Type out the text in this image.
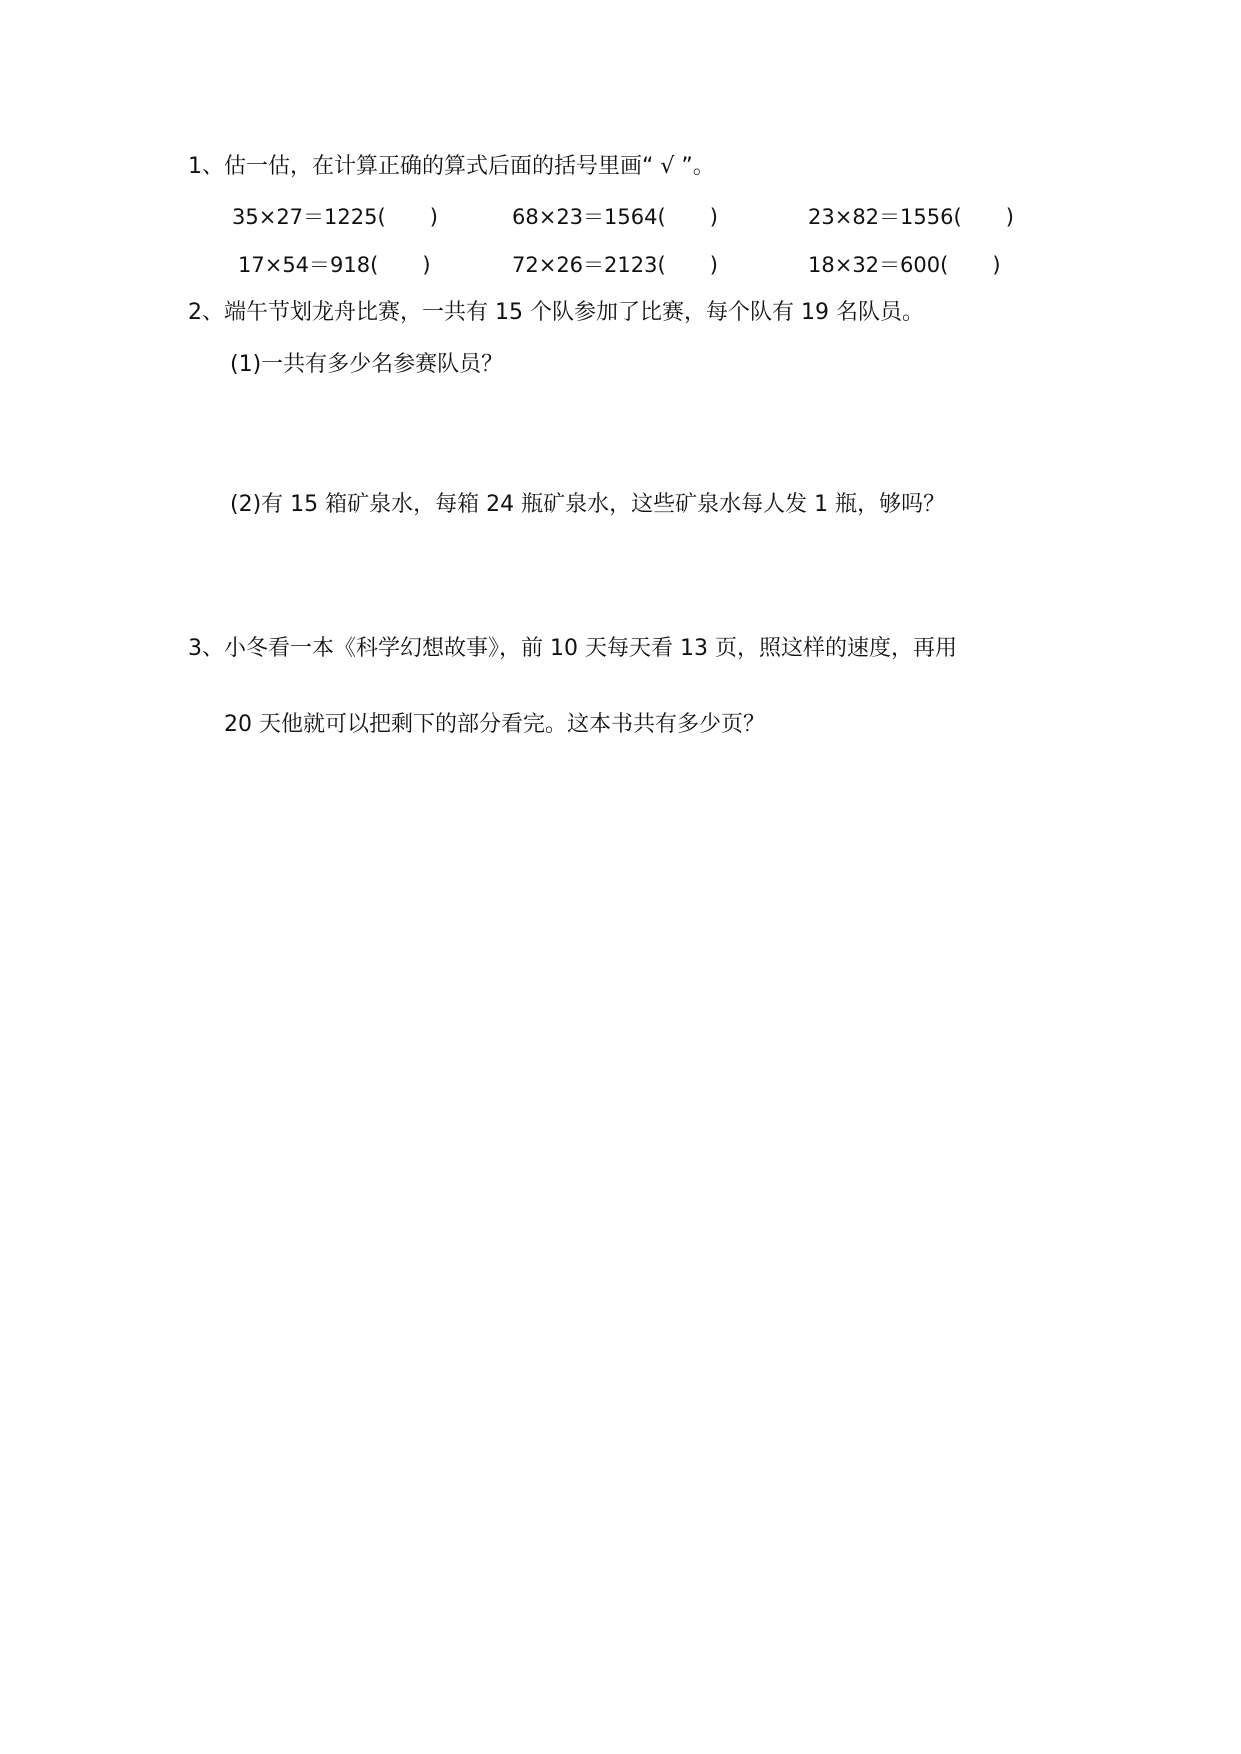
1、估一估，在计算正确的算式后面的括号里画“ √ ”。
35×27＝1225( )	68×23＝1564( )	23×82＝1556( )
17×54＝918( )	72×26＝2123( )	18×32＝600( )
2、端午节划龙舟比赛，一共有 15 个队参加了比赛，每个队有 19 名队员。
(1)一共有多少名参赛队员？
(2)有 15 箱矿泉水，每箱 24 瓶矿泉水，这些矿泉水每人发 1 瓶，够吗？
3、小冬看一本《科学幻想故事》，前 10 天每天看 13 页，照这样的速度，再用
20 天他就可以把剩下的部分看完。这本书共有多少页？
